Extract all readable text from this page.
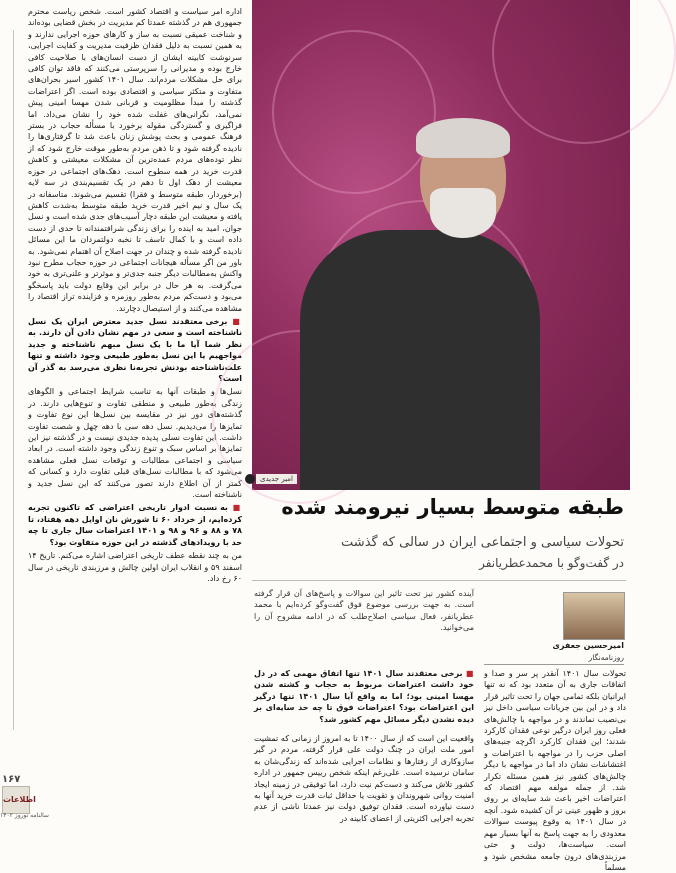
۱۶۷
اطلاعات
سالنامه نوروز ۱۴۰۲

اداره امر سیاست و اقتصاد کشور است. شخص ریاست محترم جمهوری هم در گذشته عمدتا کم‌ مدیریت در بخش قضایی بوده‌اند و شناخت عمیقی نسبت به ساز و کارهای حوزه اجرایی ندارند و به همین نسبت به دلیل فقدان ظرفیت مدیریت و کفایت اجرایی، سرنوشت کابینه ایشان از دست انسان‌های با صلاحیت کافی خارج بوده و مدیرانی را سرپرستی می‌کنند که فاقد توان کافی برای حل مشکلات مردم‌اند. سال ۱۴۰۱ کشور اسیر بحران‌های متفاوت و متکثر سیاسی و اقتصادی بوده است. اگر اعتراضات گذشته را مبدأ مظلومیت و قربانی شدن مهسا امینی پیش نمی‌آمد، نگرانی‌های غفلت شده خود را نشان می‌داد. اما فراگیری و گستردگی مقوله برخورد با مسأله حجاب در بستر فرهنگ عمومی و بحث پوشش زنان باعث شد تا گرفتاری‌ها را نادیده گرفته شود و تا ذهن مردم به‌طور موقت خارج شود که از نظر توده‌های مردم عمده‌ترین آن مشکلات معیشتی و کاهش قدرت خرید در همه سطوح است. دهک‌های اجتماعی در حوزه معیشت از دهک اول تا دهم در یک تقسیم‌بندی در سه لایه (برخوردار، طبقه متوسط و فقرا) تقسیم می‌شوند. متاسفانه در یک سال و نیم اخیر قدرت خرید طبقه متوسط به‌شدت کاهش یافته و معیشت این طبقه دچار آسیب‌های جدی شده است و نسل جوان، امید به اینده را برای زندگی شرافتمندانه تا حدی از دست داده است و با کمال تاسف تا نخبه دولتمردان ما این مسائل نادیده گرفته شده و چندان در جهت اصلاح آن اهتمام نمی‌شود. به باور من اگر مسأله هیجانات اجتماعی در حوزه حجاب مطرح نبود واکنش به‌مطالبات دیگر جنبه جدی‌تر و موثرتر و علنی‌تری به خود می‌گرفت. به هر حال در برابر این وقایع دولت باید پاسخگو می‌بود و دست‌کم مردم به‌طور روزمره و فزاینده تراز اقتصاد را مشاهده می‌کنند و از استیصال دچارند.

■ برخی معتقدند نسل جدید معترض ایران یک نسل ناشناخته است و سعی در مهم نشان دادن آن دارند. به نظر شما آیا ما با یک نسل مبهم ناشناخته و جدید مواجهیم یا این نسل به‌طور طبیعی وجود داشته و تنها علت‌ناشناخته‌ بودنش تجربه‌نا‌ نظری می‌رسد به گذر آن است؟

نسل‌ها و طبقات آنها به تناسب شرایط اجتماعی و الگوهای زندگی به‌طور طبیعی و منطقی تفاوت و تنوع‌هایی دارند. در گذشته‌های دور نیز در مقایسه بین نسل‌ها این نوع تفاوت و تمایزها را می‌دیدیم. نسل دهه سی با دهه چهل و شصت تفاوت داشت. این تفاوت نسلی پدیده جدیدی نیست و در گذشته نیز این تمایزها بر اساس سبک و تنوع زندگی وجود داشته است. در ابعاد سیاسی و اجتماعی مطالبات و توقعات نسل فعلی مشاهده می‌شود که با مطالبات نسل‌های قبلی تفاوت دارد و کسانی که کمتر از آن اطلاع دارند تصور می‌کنند که این نسل جدید و ناشناخته است.

■ به نسبت ادوار تاریخی اعتراضی که تاکنون تجربه کرده‌ایم، از خرداد ۶۰ تا شورش نان اوایل دهه هفتاد، تا ۷۸ و ۸۸ و ۹۶ و ۹۸ و ۱۴۰۱ اعتراضات سال جاری تا چه حد با رویدادهای گذشته در این حوزه متفاوت بود؟

من به چند نقطه عطف تاریخی اعتراضی اشاره می‌کنم. تاریخ ۱۴ اسفند ۵۹ و انقلاب ایران اولین چالش و مرزبندی تاریخی در سال ۶۰ رخ داد.

امیر جدیدی
طبقه متوسط بسیار نیرومند شده
تحولات سیاسی و اجتماعی ایران در سالی که گذشت
در گفت‌وگو با محمدعطریانفر
امیرحسین جعفری
روزنامه‌نگار
آینده کشور نیز تحت تاثیر این سوالات و پاسخ‌های آن قرار گرفته است. به جهت بررسی موضوع فوق گفت‌وگو کرده‌ایم با محمد عطریانفر، فعال سیاسی اصلاح‌طلب که در ادامه مشروح آن را می‌خوانید.

■ برخی معتقدند سال ۱۴۰۱ تنها اتفاق مهمی که در دل خود داشت اعتراضات مربوط به حجاب و کشته شدن مهسا امینی بود؛ اما به واقع آیا سال ۱۴۰۱ تنها درگیر این اعتراضات بود؟ اعتراضات فوق تا چه حد سایه‌ای بر دیده نشدن دیگر مسائل مهم کشور شد؟

واقعیت این است که از سال ۱۴۰۰ تا به امروز از زمانی که تمشیت امور ملت ایران در چنگ دولت علی قرار گرفته، مردم در گیر سازوکاری از رفتارها و نظامات اجرایی شده‌اند که زندگی‌شان به سامان نرسیده است. علی‌رغم اینکه شخص رییس جمهور در اداره کشور تلاش می‌کند و دست‌کم نیت دارد، اما توفیقی در زمینه ایجاد امنیت روانی شهروندان و تقویت یا حداقل ثبات قدرت خرید آنها به دست نیاورده است. فقدان توفیق دولت نیز عمدتا ناشی از عدم تجربه اجرایی اکثریتی از اعضای کابینه در

تحولات سال ۱۴۰۱ آنقدر پر سر و صدا و اتفاقات جاری به آن متعدد بود که نه تنها ایرانیان بلکه تمامی جهان را تحت تاثیر قرار داد و در این بین جریانات سیاسی داخل نیز بی‌نصیب نماندند و در مواجهه با چالش‌های فعلی روز ایران درگیر نوعی فقدان کارکرد شدند؛ این فقدان کارکرد اگرچه جنبه‌های اصلی حزب را در مواجهه با اعتراضات و اغتشاشات نشان داد اما در مواجهه با دیگر چالش‌های کشور نیز همین مسئله تکرار شد. از جمله مولفه مهم اقتصاد که اعتراضات اخیر باعث شد سایه‌ای بر روی بروز و ظهور عینی تر آن کشیده شود. آنچه در سال ۱۴۰۱ به وقوع پیوست سوالات معدودی را به جهت پاسخ به آنها بسیار مهم است. سیاست‌ها، دولت و حتی مرزبندی‌های درون جامعه مشخص شود و مسلماً
